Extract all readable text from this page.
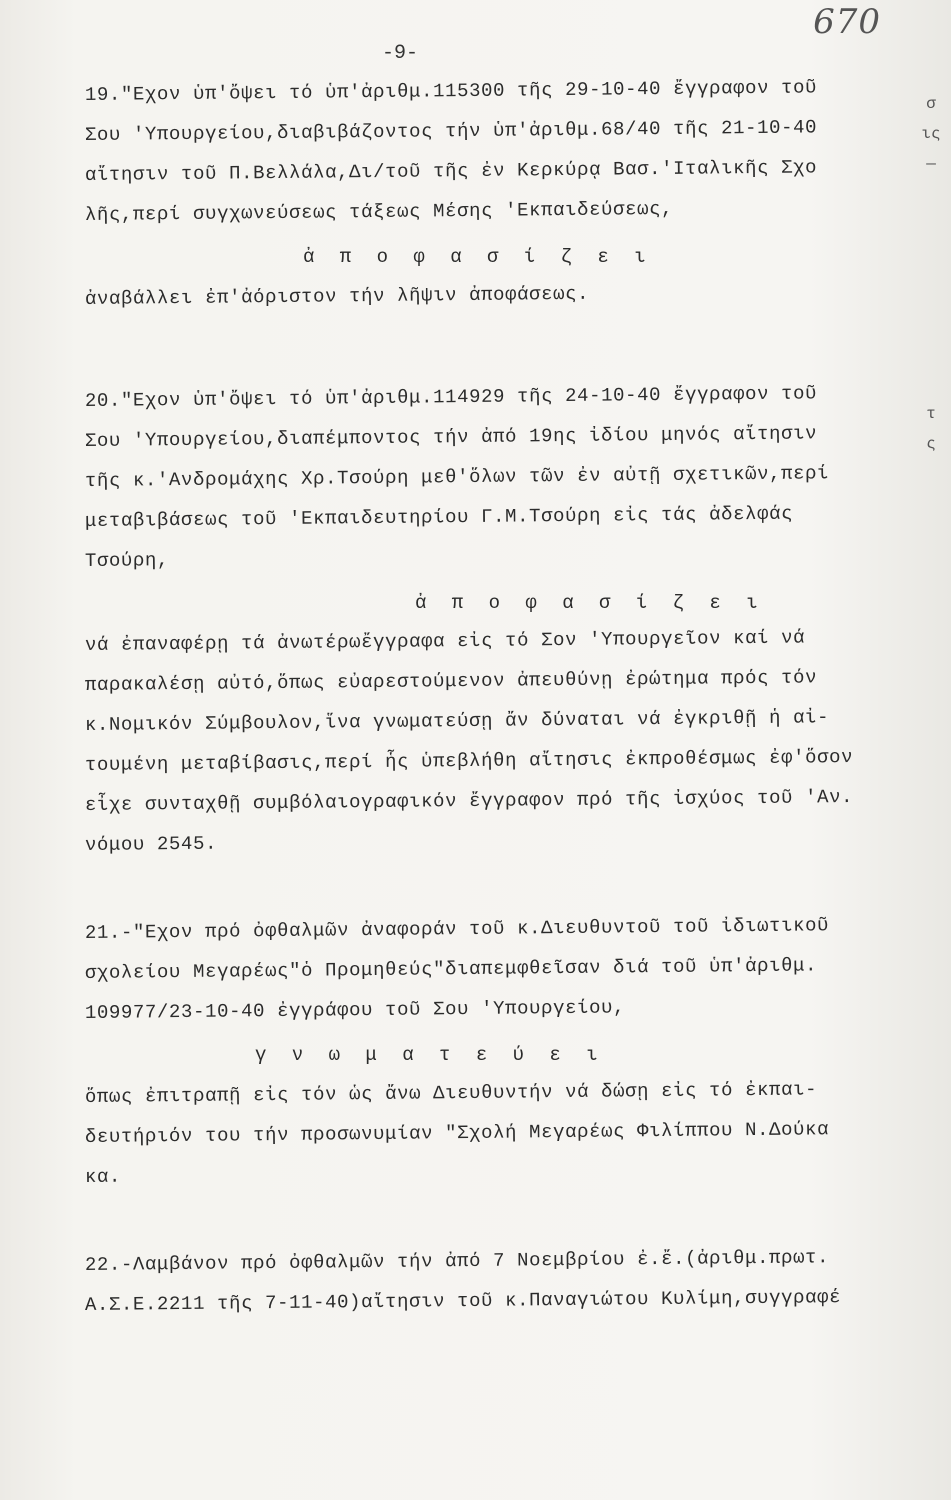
670
-9-
σ
ις
—
τ
ς
19."Εχον ὑπ'ὄψει τό ὑπ'ἀριθμ.115300 τῆς 29-10-40 ἔγγραφον τοῦ
Σου 'Υπουργείου,διαβιβάζοντος τήν ὑπ'ἀριθμ.68/40 τῆς 21-10-40
αἴτησιν τοῦ Π.Βελλάλα,Δι/τοῦ τῆς ἐν Κερκύρᾳ Βασ.'Ιταλικῆς Σχο
λῆς,περί συγχωνεύσεως τάξεως Μέσης 'Εκπαιδεύσεως,
ἀ π ο φ α σ ί ζ ε ι
ἀναβάλλει ἐπ'ἀόριστον τήν λῆψιν ἀποφάσεως.
20."Εχον ὑπ'ὄψει τό ὑπ'ἀριθμ.114929 τῆς 24-10-40 ἔγγραφον τοῦ
Σου 'Υπουργείου,διαπέμποντος τήν ἀπό 19ης ἰδίου μηνός αἴτησιν
τῆς κ.'Ανδρομάχης Χρ.Τσούρη μεθ'ὅλων τῶν ἐν αὐτῇ σχετικῶν,περί
μεταβιβάσεως τοῦ 'Εκπαιδευτηρίου Γ.Μ.Τσούρη εἰς τάς ἀδελφάς
Τσούρη,
ἀ π ο φ α σ ί ζ ε ι
νά ἐπαναφέρῃ τά ἀνωτέρωἔγγραφα εἰς τό Σον 'Υπουργεῖον καί νά
παρακαλέσῃ αὐτό,ὅπως εὐαρεστούμενον ἀπευθύνῃ ἐρώτημα πρός τόν
κ.Νομικόν Σύμβουλον,ἵνα γνωματεύσῃ ἄν δύναται νά ἐγκριθῇ ἡ αἰ-
τουμένη μεταβίβασις,περί ἧς ὑπεβλήθη αἴτησις ἐκπροθέσμως ἐφ'ὅσον
εἶχε συνταχθῇ συμβόλαιογραφικόν ἔγγραφον πρό τῆς ἰσχύος τοῦ 'Αν.
νόμου 2545.
21.-"Εχον πρό ὀφθαλμῶν ἀναφοράν τοῦ κ.Διευθυντοῦ τοῦ ἰδιωτικοῦ
σχολείου Μεγαρέως"ὁ Προμηθεύς"διαπεμφθεῖσαν διά τοῦ ὑπ'ἀριθμ.
109977/23-10-40 ἐγγράφου τοῦ Σου 'Υπουργείου,
γ ν ω μ α τ ε ύ ε ι
ὅπως ἐπιτραπῇ εἰς τόν ὡς ἄνω Διευθυντήν νά δώσῃ εἰς τό ἐκπαι-
δευτήριόν του τήν προσωνυμίαν "Σχολή Μεγαρέως Φιλίππου Ν.Δούκα
κα.
22.-Λαμβάνον πρό ὀφθαλμῶν τήν ἀπό 7 Νοεμβρίου ἐ.ἔ.(ἀριθμ.πρωτ.
Α.Σ.Ε.2211 τῆς 7-11-40)αἴτησιν τοῦ κ.Παναγιώτου Κυλίμη,συγγραφέ
